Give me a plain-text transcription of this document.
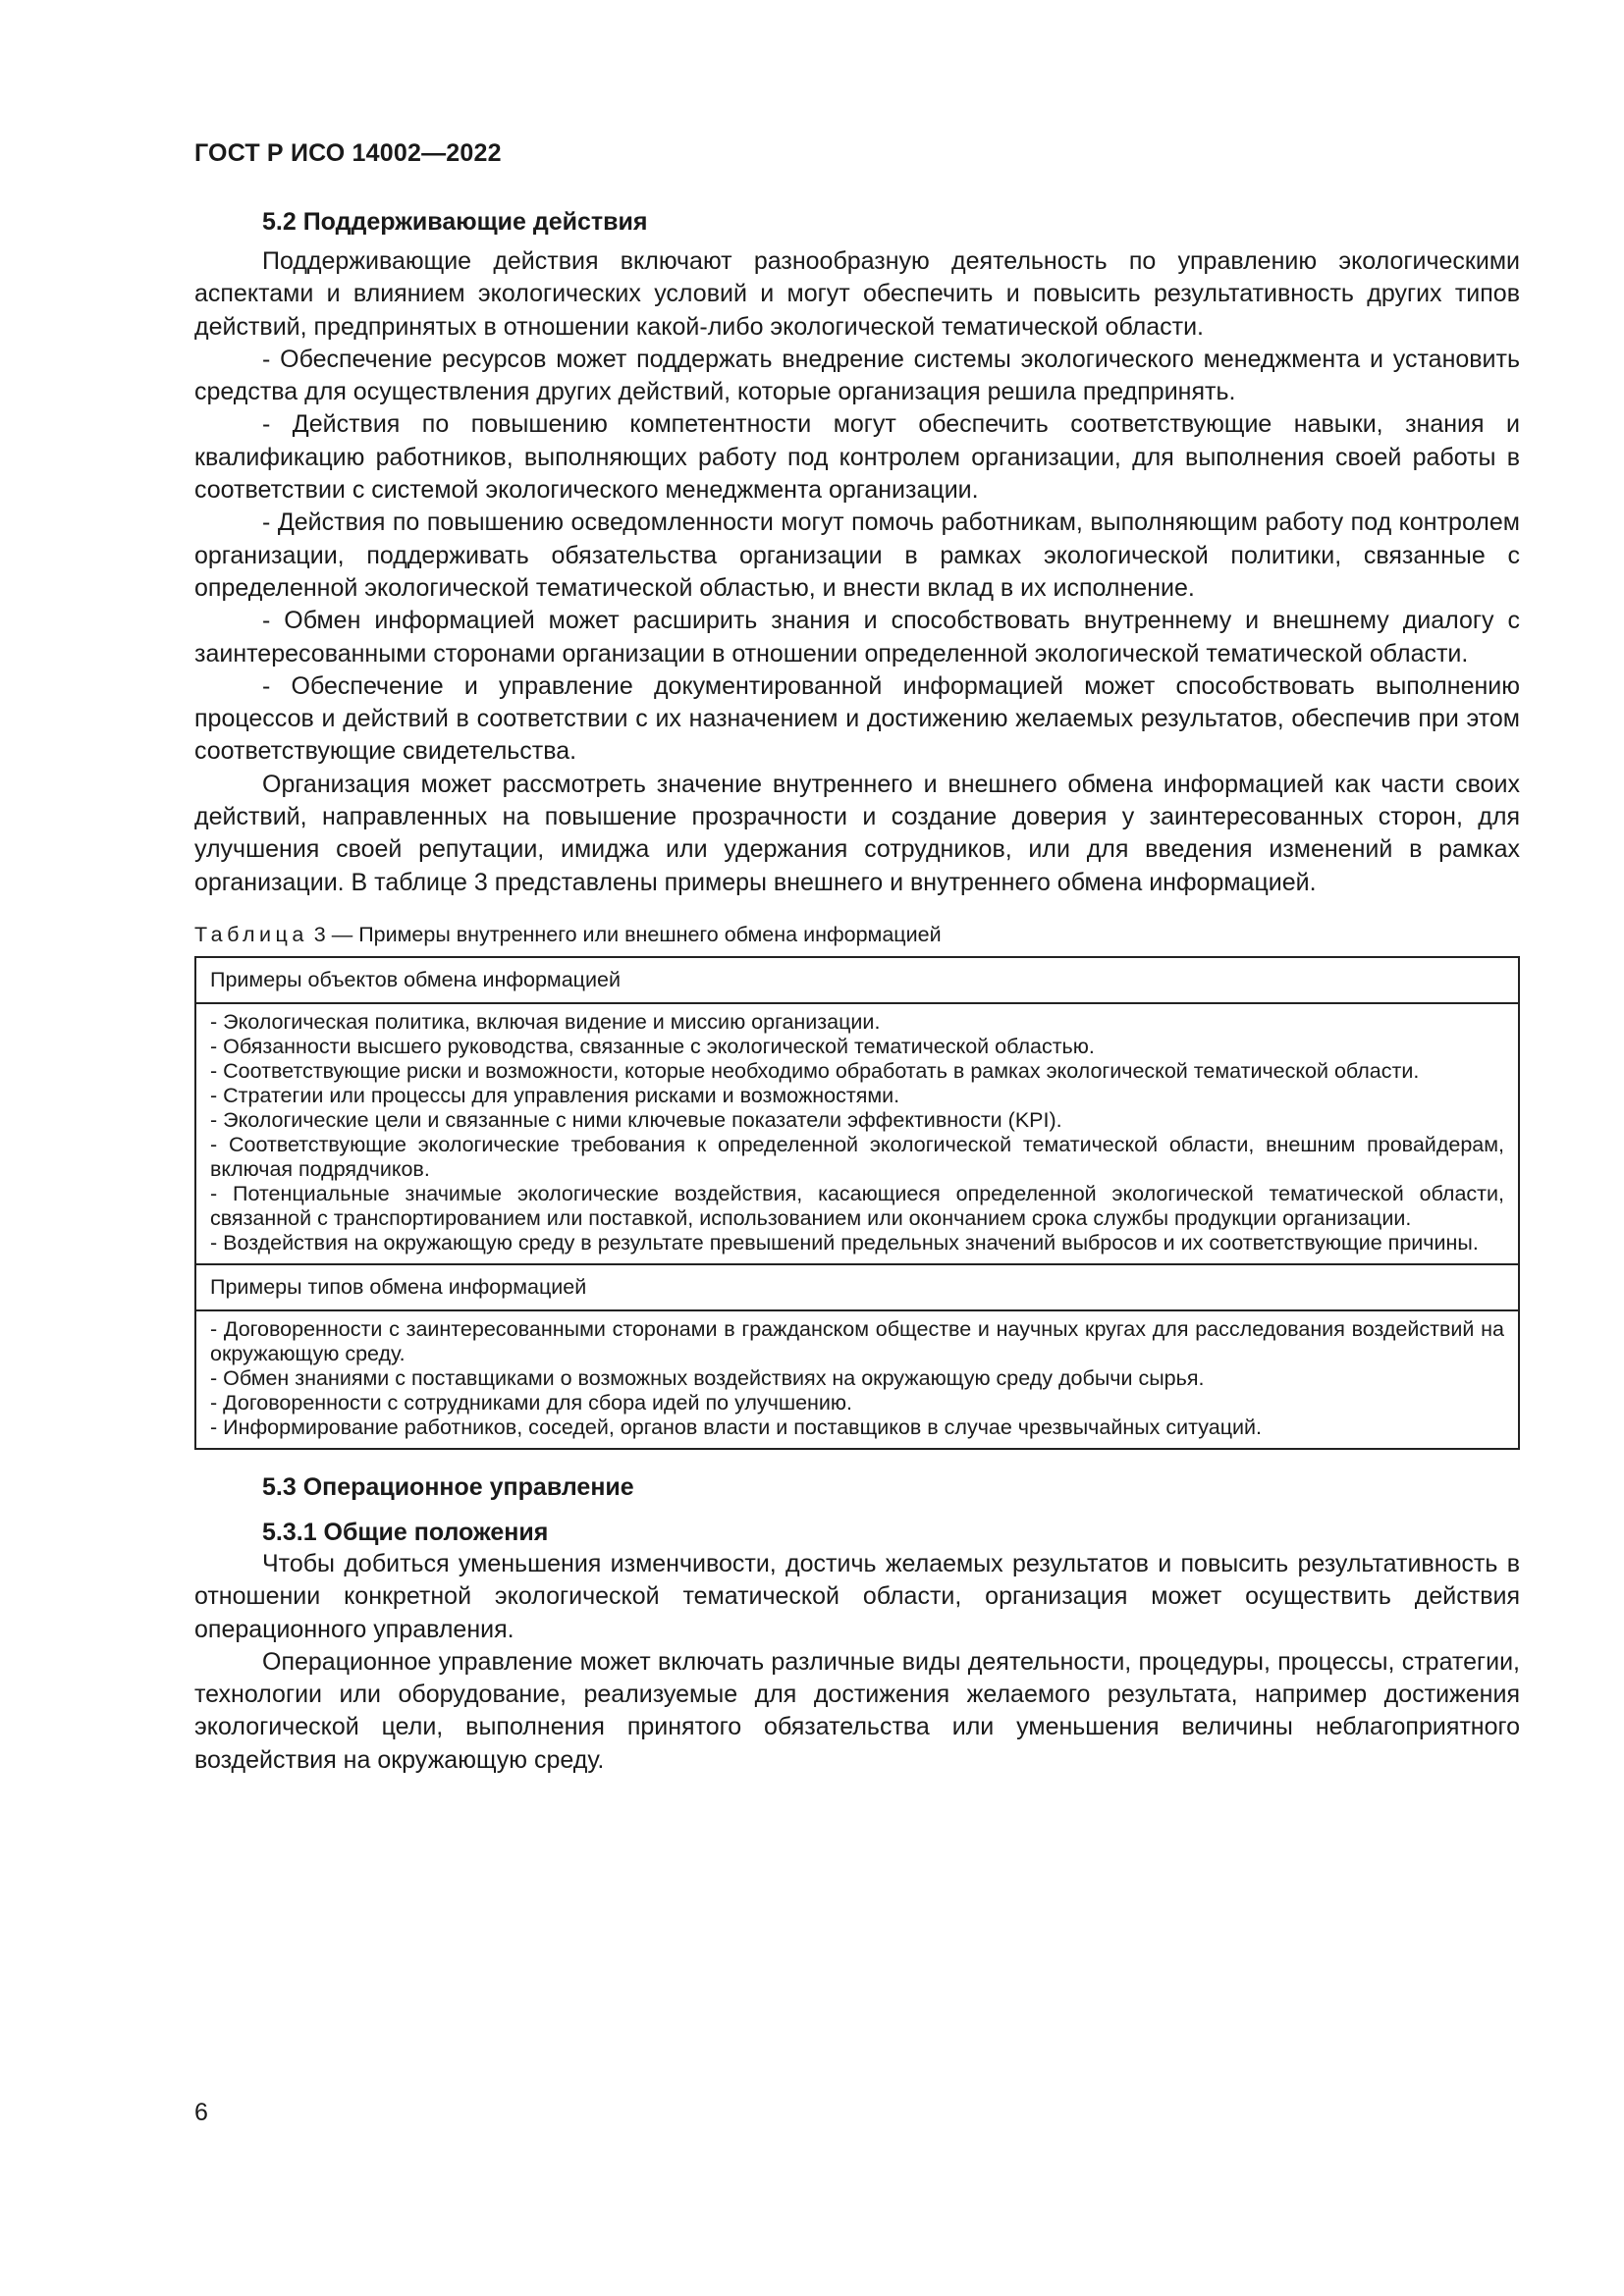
ГОСТ Р ИСО 14002—2022
5.2 Поддерживающие действия

Поддерживающие действия включают разнообразную деятельность по управлению экологическими аспектами и влиянием экологических условий и могут обеспечить и повысить результативность других типов действий, предпринятых в отношении какой-либо экологической тематической области.

- Обеспечение ресурсов может поддержать внедрение системы экологического менеджмента и установить средства для осуществления других действий, которые организация решила предпринять.

- Действия по повышению компетентности могут обеспечить соответствующие навыки, знания и квалификацию работников, выполняющих работу под контролем организации, для выполнения своей работы в соответствии с системой экологического менеджмента организации.

- Действия по повышению осведомленности могут помочь работникам, выполняющим работу под контролем организации, поддерживать обязательства организации в рамках экологической политики, связанные с определенной экологической тематической областью, и внести вклад в их исполнение.

- Обмен информацией может расширить знания и способствовать внутреннему и внешнему диалогу с заинтересованными сторонами организации в отношении определенной экологической тематической области.

- Обеспечение и управление документированной информацией может способствовать выполнению процессов и действий в соответствии с их назначением и достижению желаемых результатов, обеспечив при этом соответствующие свидетельства.

Организация может рассмотреть значение внутреннего и внешнего обмена информацией как части своих действий, направленных на повышение прозрачности и создание доверия у заинтересованных сторон, для улучшения своей репутации, имиджа или удержания сотрудников, или для введения изменений в рамках организации. В таблице 3 представлены примеры внешнего и внутреннего обмена информацией.

Таблица 3 — Примеры внутреннего или внешнего обмена информацией
Примеры объектов обмена информацией

- Экологическая политика, включая видение и миссию организации.
- Обязанности высшего руководства, связанные с экологической тематической областью.
- Соответствующие риски и возможности, которые необходимо обработать в рамках экологической тематической области.
- Стратегии или процессы для управления рисками и возможностями.
- Экологические цели и связанные с ними ключевые показатели эффективности (KPI).
- Соответствующие экологические требования к определенной экологической тематической области, внешним провайдерам, включая подрядчиков.
- Потенциальные значимые экологические воздействия, касающиеся определенной экологической тематической области, связанной с транспортированием или поставкой, использованием или окончанием срока службы продукции организации.
- Воздействия на окружающую среду в результате превышений предельных значений выбросов и их соответствующие причины.

Примеры типов обмена информацией

- Договоренности с заинтересованными сторонами в гражданском обществе и научных кругах для расследования воздействий на окружающую среду.
- Обмен знаниями с поставщиками о возможных воздействиях на окружающую среду добычи сырья.
- Договоренности с сотрудниками для сбора идей по улучшению.
- Информирование работников, соседей, органов власти и поставщиков в случае чрезвычайных ситуаций.
5.3 Операционное управление
5.3.1 Общие положения

Чтобы добиться уменьшения изменчивости, достичь желаемых результатов и повысить результативность в отношении конкретной экологической тематической области, организация может осуществить действия операционного управления.

Операционное управление может включать различные виды деятельности, процедуры, процессы, стратегии, технологии или оборудование, реализуемые для достижения желаемого результата, например достижения экологической цели, выполнения принятого обязательства или уменьшения величины неблагоприятного воздействия на окружающую среду.

6
